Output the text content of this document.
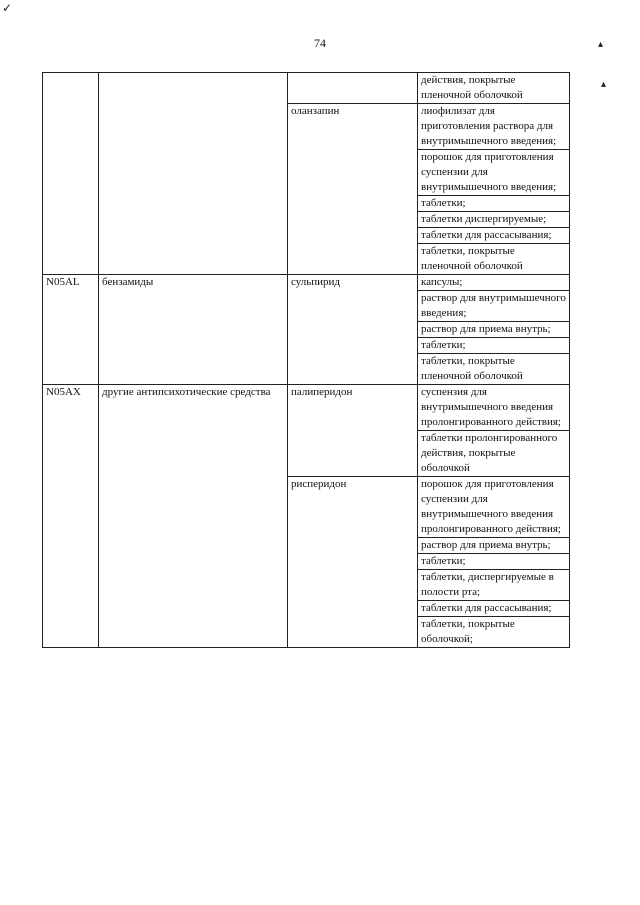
74
✓
▴
▴
			действия, покрытые пленочной оболочкой
		оланзапин	лиофилизат для приготовления раствора для внутримышечного введения;
			порошок для приготовления суспензии для внутримышечного введения;
			таблетки;
			таблетки диспергируемые;
			таблетки для рассасывания;
			таблетки, покрытые пленочной оболочкой
N05AL	бензамиды	сульпирид	капсулы;
			раствор для внутримышечного введения;
			раствор для приема внутрь;
			таблетки;
			таблетки, покрытые пленочной оболочкой
N05AX	другие антипсихотические средства	палиперидон	суспензия для внутримышечного введения пролонгированного действия;
			таблетки пролонгированного действия, покрытые оболочкой
		рисперидон	порошок для приготовления суспензии для внутримышечного введения пролонгированного действия;
			раствор для приема внутрь;
			таблетки;
			таблетки, диспергируемые в полости рта;
			таблетки для рассасывания;
			таблетки, покрытые оболочкой;
